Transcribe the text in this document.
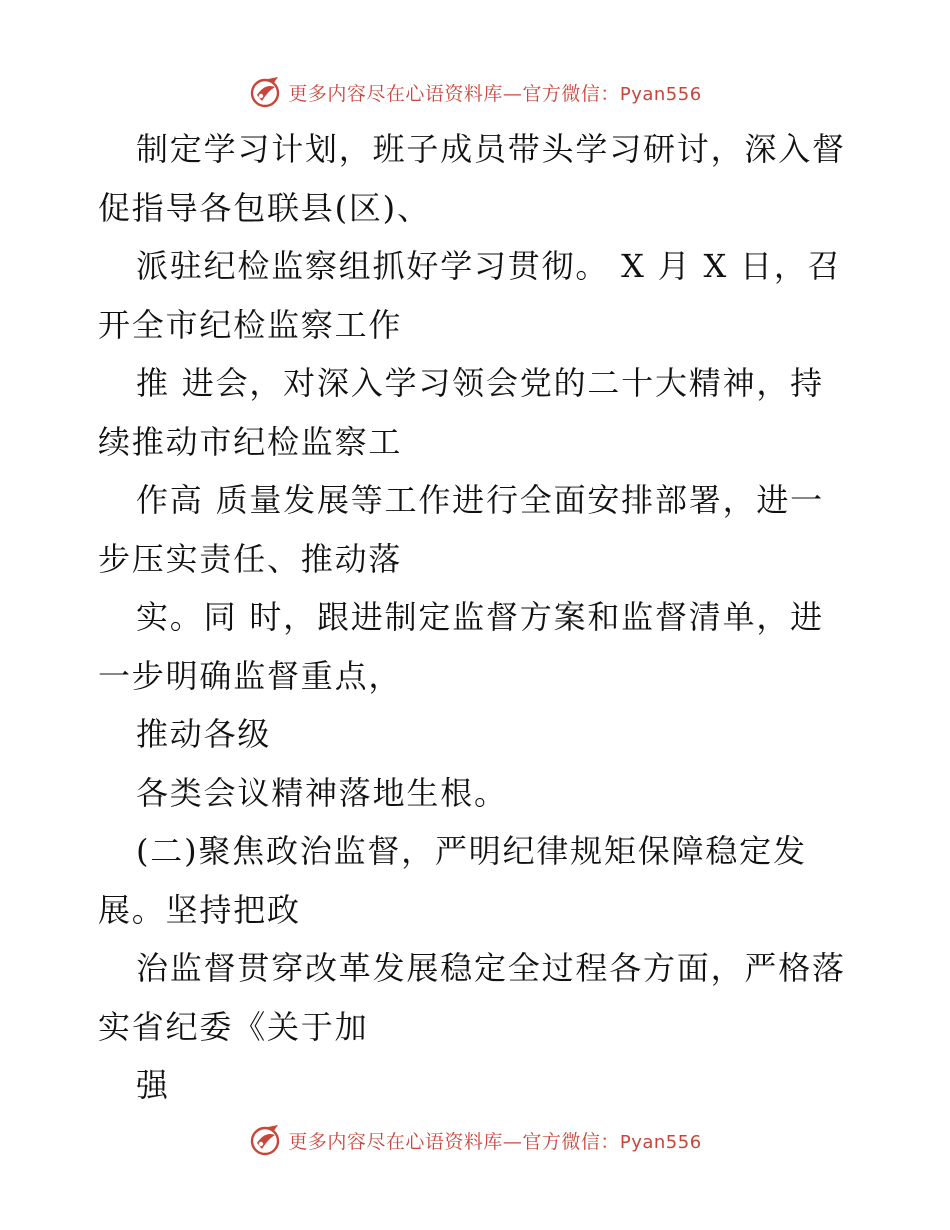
更多内容尽在心语资料库—官方微信：Pyan556

制定学习计划，班子成员带头学习研讨，深入督
促指导各包联县(区)、

派驻纪检监察组抓好学习贯彻。 X 月 X 日，召
开全市纪检监察工作

推 进会，对深入学习领会党的二十大精神，持
续推动市纪检监察工

作高 质量发展等工作进行全面安排部署，进一
步压实责任、推动落

实。同 时，跟进制定监督方案和监督清单，进
一步明确监督重点，

推动各级

各类会议精神落地生根。

(二)聚焦政治监督，严明纪律规矩保障稳定发
展。坚持把政

治监督贯穿改革发展稳定全过程各方面，严格落
实省纪委《关于加

强

更多内容尽在心语资料库—官方微信：Pyan556
